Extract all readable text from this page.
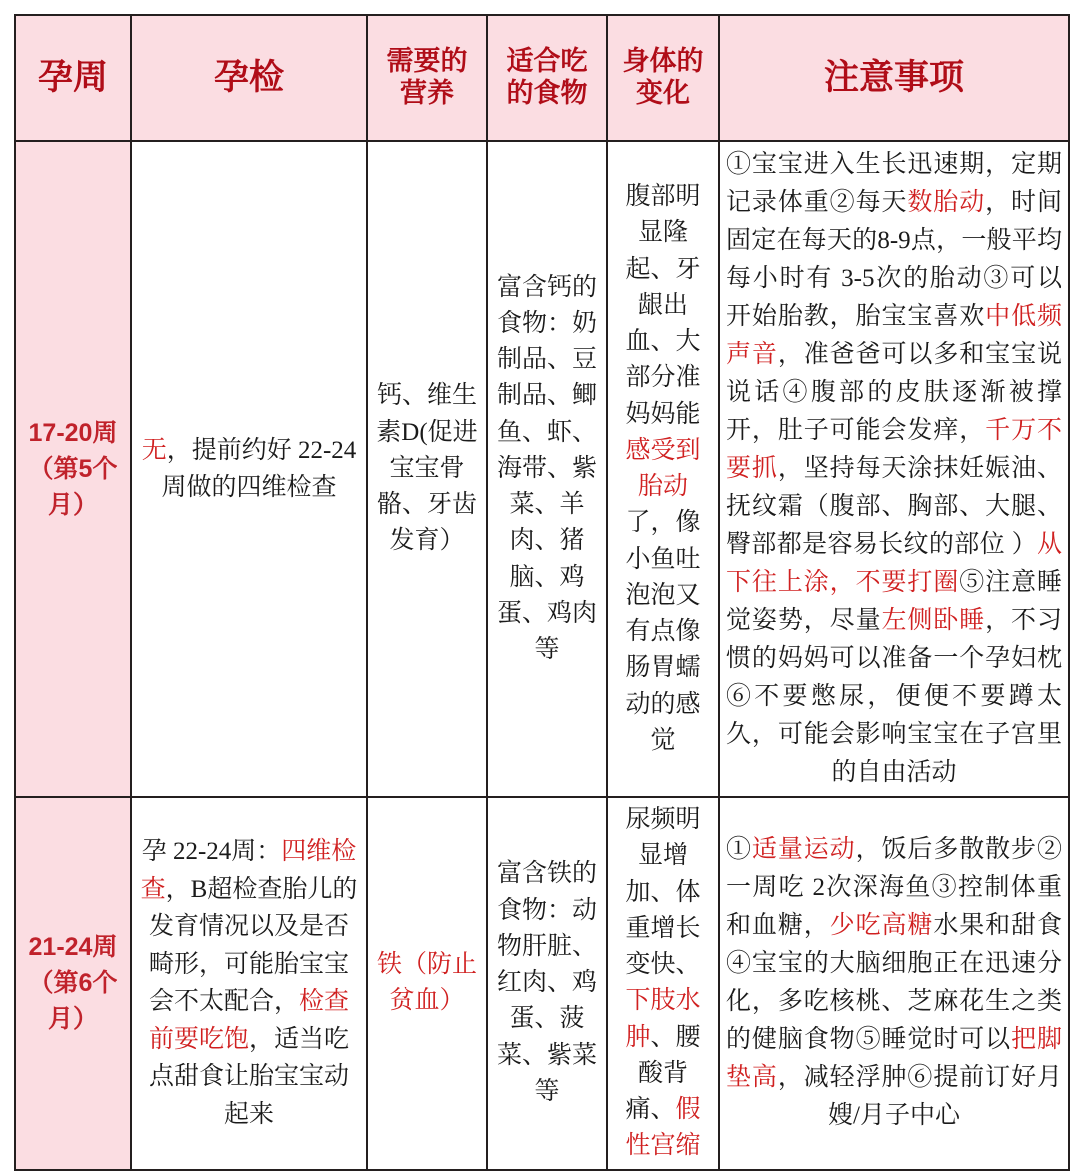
孕周	孕检	需要的营养	适合吃的食物	身体的变化	注意事项
17-20周（第5个月）	无，提前约好 22-24周做的四维检查	钙、维生素D(促进宝宝骨骼、牙齿发育）	富含钙的食物：奶制品、豆制品、鲫鱼、虾、海带、紫菜、羊肉、猪脑、鸡蛋、鸡肉等	腹部明显隆起、牙龈出血、大部分准妈妈能感受到胎动了，像小鱼吐泡泡又有点像肠胃蠕动的感觉	①宝宝进入生长迅速期，定期记录体重②每天数胎动，时间固定在每天的8-9点，一般平均每小时有 3-5次的胎动③可以开始胎教，胎宝宝喜欢中低频声音，准爸爸可以多和宝宝说说话④腹部的皮肤逐渐被撑开，肚子可能会发痒，千万不要抓，坚持每天涂抹妊娠油、抚纹霜（腹部、胸部、大腿、臀部都是容易长纹的部位 ）从下往上涂，不要打圈⑤注意睡觉姿势，尽量左侧卧睡，不习惯的妈妈可以准备一个孕妇枕⑥不要憋尿，便便不要蹲太久，可能会影响宝宝在子宫里的自由活动

21-24周（第6个月）	孕 22-24周：四维检查，B超检查胎儿的发育情况以及是否畸形，可能胎宝宝会不太配合，检查前要吃饱，适当吃点甜食让胎宝宝动起来	铁（防止贫血）	富含铁的食物：动物肝脏、红肉、鸡蛋、菠菜、紫菜等	尿频明显增加、体重增长变快、下肢水肿、腰酸背痛、假性宫缩	①适量运动，饭后多散散步②一周吃 2次深海鱼③控制体重和血糖，少吃高糖水果和甜食④宝宝的大脑细胞正在迅速分化，多吃核桃、芝麻花生之类的健脑食物⑤睡觉时可以把脚垫高，减轻浮肿⑥提前订好月嫂/月子中心
